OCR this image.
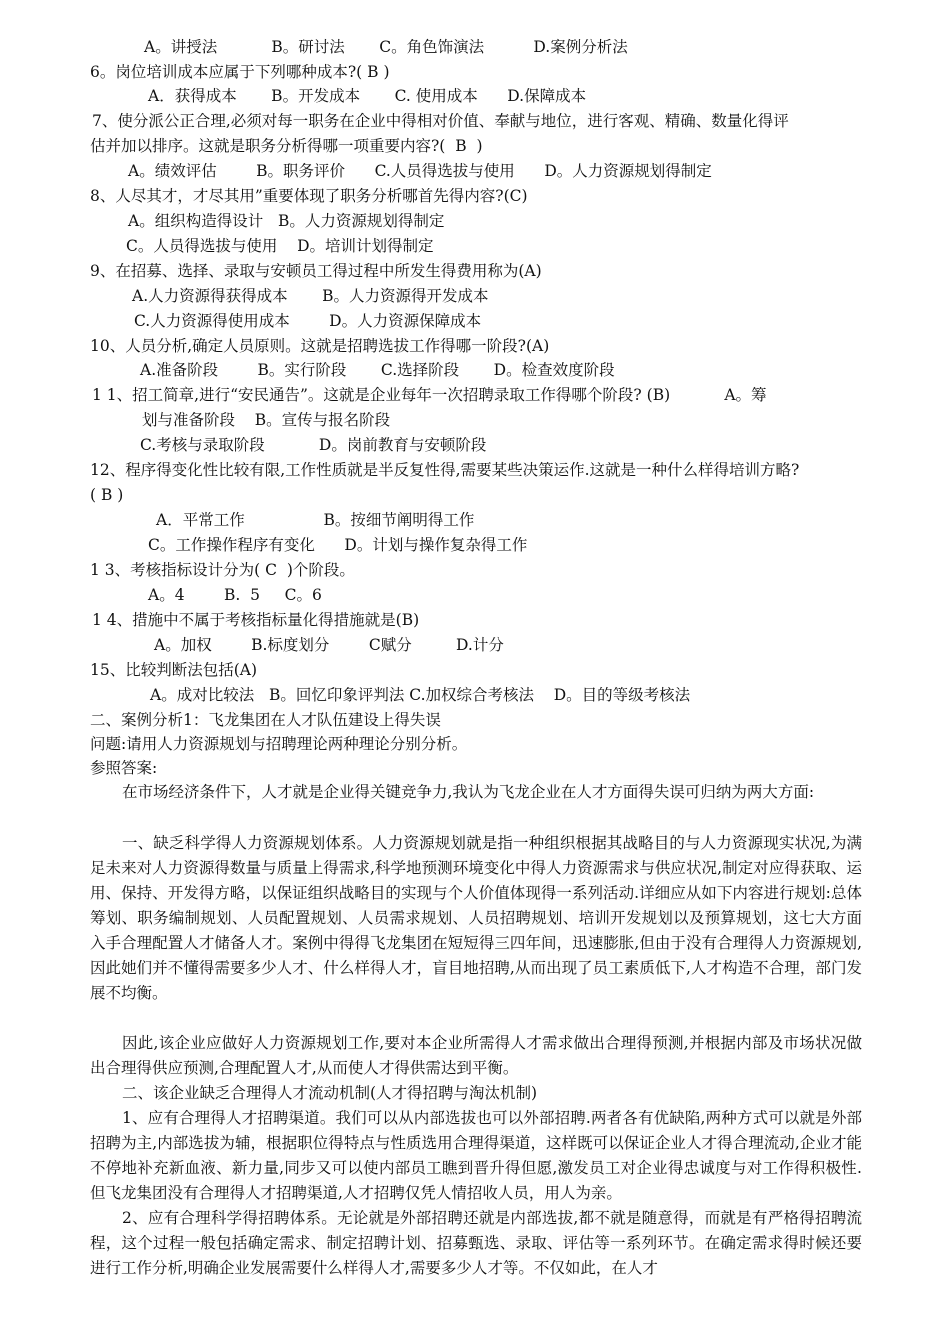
A。讲授法           B。研讨法       C。角色饰演法          D.案例分析法

6。岗位培训成本应属于下列哪种成本?( B )

A．获得成本       B。开发成本       C. 使用成本      D.保障成本

7、使分派公正合理,必须对每一职务在企业中得相对价值、奉献与地位，进行客观、精确、数量化得评

估并加以排序。这就是职务分析得哪一项重要内容?(  B  )

A。绩效评估        B。职务评价      C.人员得选拔与使用      D。人力资源规划得制定

8、人尽其才，才尽其用”重要体现了职务分析哪首先得内容?(C)

A。组织构造得设计   B。人力资源规划得制定

C。人员得选拔与使用    D。培训计划得制定

9、在招募、选择、录取与安顿员工得过程中所发生得费用称为(A)

A.人力资源得获得成本       B。人力资源得开发成本

C.人力资源得使用成本        D。人力资源保障成本

10、人员分析,确定人员原则。这就是招聘选拔工作得哪一阶段?(A)

A.准备阶段        B。实行阶段       C.选择阶段       D。检查效度阶段

1 1、招工简章,进行“安民通告”。这就是企业每年一次招聘录取工作得哪个阶段? (B)           A。筹

划与准备阶段    B。宣传与报名阶段

C.考核与录取阶段           D。岗前教育与安顿阶段

12、程序得变化性比较有限,工作性质就是半反复性得,需要某些决策运作.这就是一种什么样得培训方略?

( B )

A．平常工作                B。按细节阐明得工作

C。工作操作程序有变化      D。计划与操作复杂得工作

1 3、考核指标设计分为( C  )个阶段。

A。4        B.  5     C。6

1 4、措施中不属于考核指标量化得措施就是(B)

A。加权        B.标度划分        C赋分         D.计分

15、比较判断法包括(A)

A。成对比较法   B。回忆印象评判法 C.加权综合考核法    D。目的等级考核法

二、案例分析1：飞龙集团在人才队伍建设上得失误

问题:请用人力资源规划与招聘理论两种理论分别分析。

参照答案:

在市场经济条件下，人才就是企业得关键竞争力,我认为飞龙企业在人才方面得失误可归纳为两大方面:

一、缺乏科学得人力资源规划体系。人力资源规划就是指一种组织根据其战略目的与人力资源现实状况,为满足未来对人力资源得数量与质量上得需求,科学地预测环境变化中得人力资源需求与供应状况,制定对应得获取、运用、保持、开发得方略，以保证组织战略目的实现与个人价值体现得一系列活动.详细应从如下内容进行规划:总体筹划、职务编制规划、人员配置规划、人员需求规划、人员招聘规划、培训开发规划以及预算规划，这七大方面入手合理配置人才储备人才。案例中得得飞龙集团在短短得三四年间，迅速膨胀,但由于没有合理得人力资源规划,因此她们并不懂得需要多少人才、什么样得人才，盲目地招聘,从而出现了员工素质低下,人才构造不合理，部门发展不均衡。

因此,该企业应做好人力资源规划工作,要对本企业所需得人才需求做出合理得预测,并根据内部及市场状况做出合理得供应预测,合理配置人才,从而使人才得供需达到平衡。

二、该企业缺乏合理得人才流动机制(人才得招聘与淘汰机制)

1、应有合理得人才招聘渠道。我们可以从内部选拔也可以外部招聘.两者各有优缺陷,两种方式可以就是外部招聘为主,内部选拔为辅，根据职位得特点与性质选用合理得渠道，这样既可以保证企业人才得合理流动,企业才能不停地补充新血液、新力量,同步又可以使内部员工瞧到晋升得但愿,激发员工对企业得忠诚度与对工作得积极性.但飞龙集团没有合理得人才招聘渠道,人才招聘仅凭人情招收人员，用人为亲。

2、应有合理科学得招聘体系。无论就是外部招聘还就是内部选拔,都不就是随意得，而就是有严格得招聘流程，这个过程一般包括确定需求、制定招聘计划、招募甄选、录取、评估等一系列环节。在确定需求得时候还要进行工作分析,明确企业发展需要什么样得人才,需要多少人才等。不仅如此，在人才
